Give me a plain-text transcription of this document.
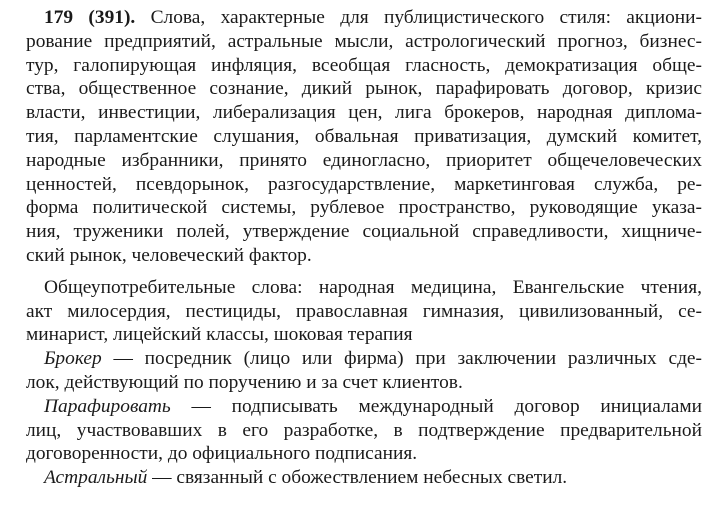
179 (391). Слова, характерные для публицистического стиля: акциони-
рование предприятий, астральные мысли, астрологический прогноз, бизнес-
тур, галопирующая инфляция, всеобщая гласность, демократизация обще-
ства, общественное сознание, дикий рынок, парафировать договор, кризис
власти, инвестиции, либерализация цен, лига брокеров, народная диплома-
тия, парламентские слушания, обвальная приватизация, думский комитет,
народные избранники, принято единогласно, приоритет общечеловеческих
ценностей, псевдорынок, разгосударствление, маркетинговая служба, ре-
форма политической системы, рублевое пространство, руководящие указа-
ния, труженики полей, утверждение социальной справедливости, хищниче-
ский рынок, человеческий фактор.
Общеупотребительные слова: народная медицина, Евангельские чтения,
акт милосердия, пестициды, православная гимназия, цивилизованный, се-
минарист, лицейский классы, шоковая терапия
Брокер — посредник (лицо или фирма) при заключении различных сде-
лок, действующий по поручению и за счет клиентов.
Парафировать — подписывать международный договор инициалами
лиц, участвовавших в его разработке, в подтверждение предварительной
договоренности, до официального подписания.
Астральный — связанный с обожествлением небесных светил.
